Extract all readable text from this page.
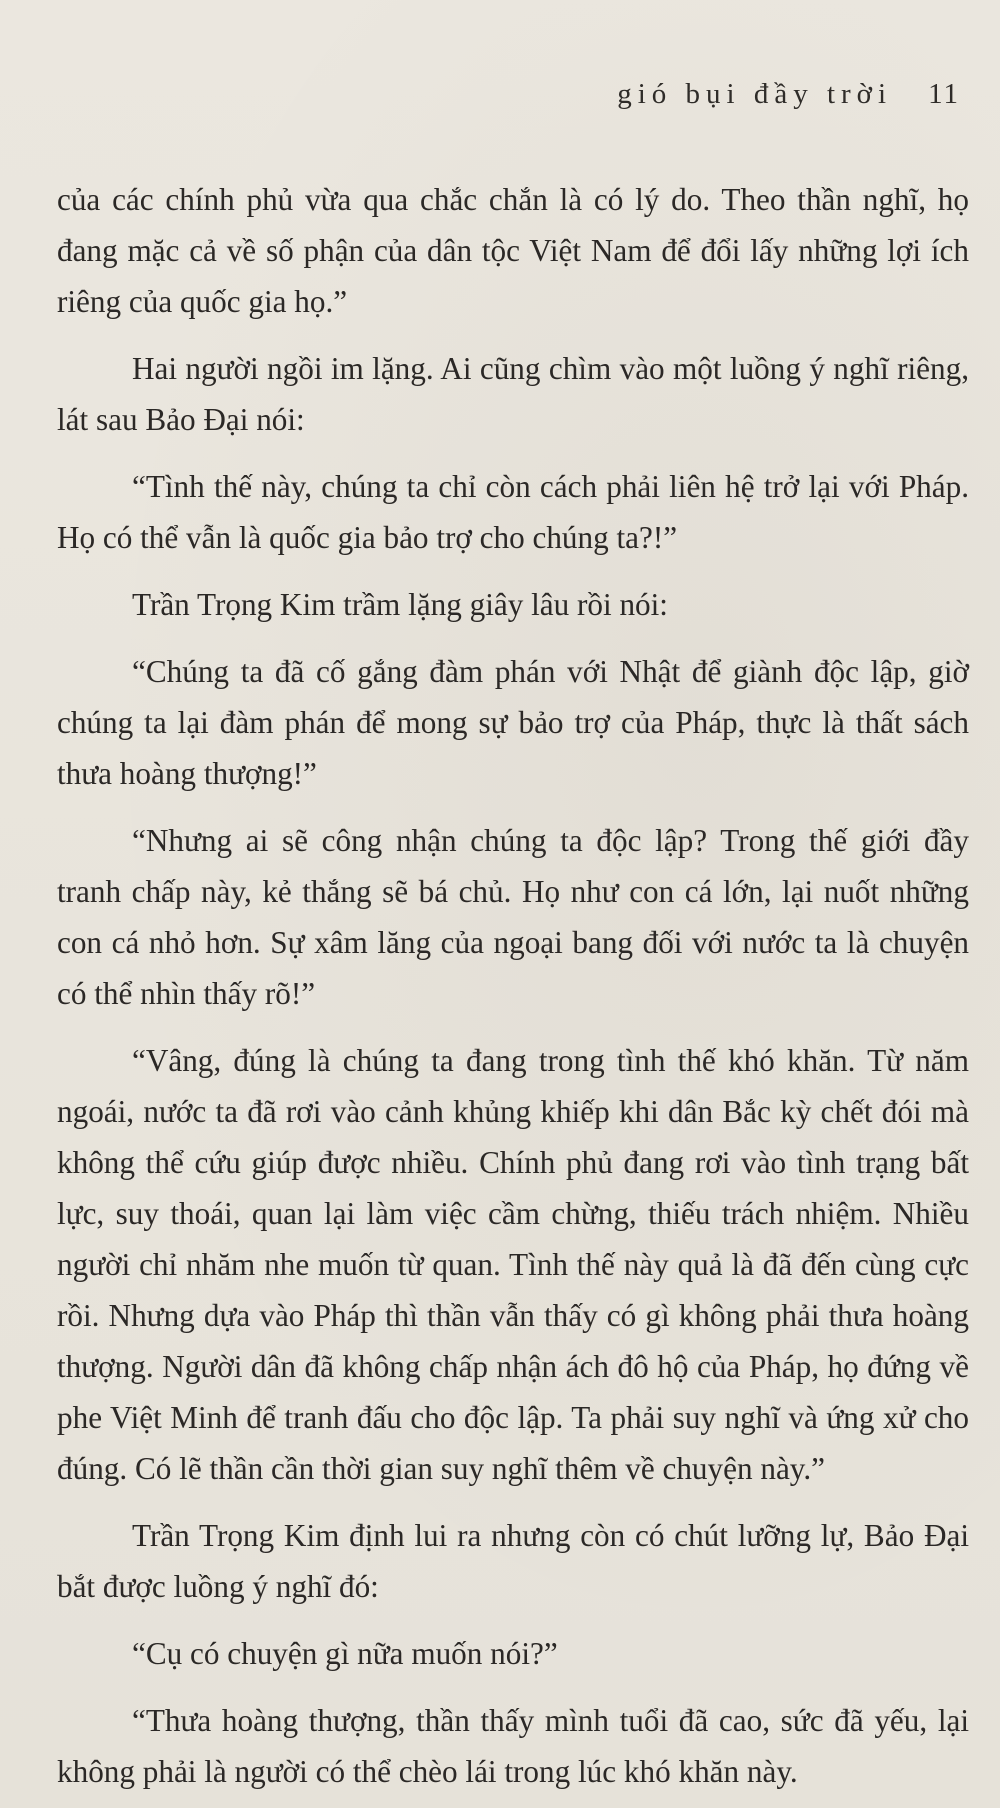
gió bụi đầy trời 11

của các chính phủ vừa qua chắc chắn là có lý do. Theo thần nghĩ, họ đang mặc cả về số phận của dân tộc Việt Nam để đổi lấy những lợi ích riêng của quốc gia họ.”

Hai người ngồi im lặng. Ai cũng chìm vào một luồng ý nghĩ riêng, lát sau Bảo Đại nói:

“Tình thế này, chúng ta chỉ còn cách phải liên hệ trở lại với Pháp. Họ có thể vẫn là quốc gia bảo trợ cho chúng ta?!”

Trần Trọng Kim trầm lặng giây lâu rồi nói:

“Chúng ta đã cố gắng đàm phán với Nhật để giành độc lập, giờ chúng ta lại đàm phán để mong sự bảo trợ của Pháp, thực là thất sách thưa hoàng thượng!”

“Nhưng ai sẽ công nhận chúng ta độc lập? Trong thế giới đầy tranh chấp này, kẻ thắng sẽ bá chủ. Họ như con cá lớn, lại nuốt những con cá nhỏ hơn. Sự xâm lăng của ngoại bang đối với nước ta là chuyện có thể nhìn thấy rõ!”

“Vâng, đúng là chúng ta đang trong tình thế khó khăn. Từ năm ngoái, nước ta đã rơi vào cảnh khủng khiếp khi dân Bắc kỳ chết đói mà không thể cứu giúp được nhiều. Chính phủ đang rơi vào tình trạng bất lực, suy thoái, quan lại làm việc cầm chừng, thiếu trách nhiệm. Nhiều người chỉ nhăm nhe muốn từ quan. Tình thế này quả là đã đến cùng cực rồi. Nhưng dựa vào Pháp thì thần vẫn thấy có gì không phải thưa hoàng thượng. Người dân đã không chấp nhận ách đô hộ của Pháp, họ đứng về phe Việt Minh để tranh đấu cho độc lập. Ta phải suy nghĩ và ứng xử cho đúng. Có lẽ thần cần thời gian suy nghĩ thêm về chuyện này.”

Trần Trọng Kim định lui ra nhưng còn có chút lưỡng lự, Bảo Đại bắt được luồng ý nghĩ đó:

“Cụ có chuyện gì nữa muốn nói?”

“Thưa hoàng thượng, thần thấy mình tuổi đã cao, sức đã yếu, lại không phải là người có thể chèo lái trong lúc khó khăn này.
